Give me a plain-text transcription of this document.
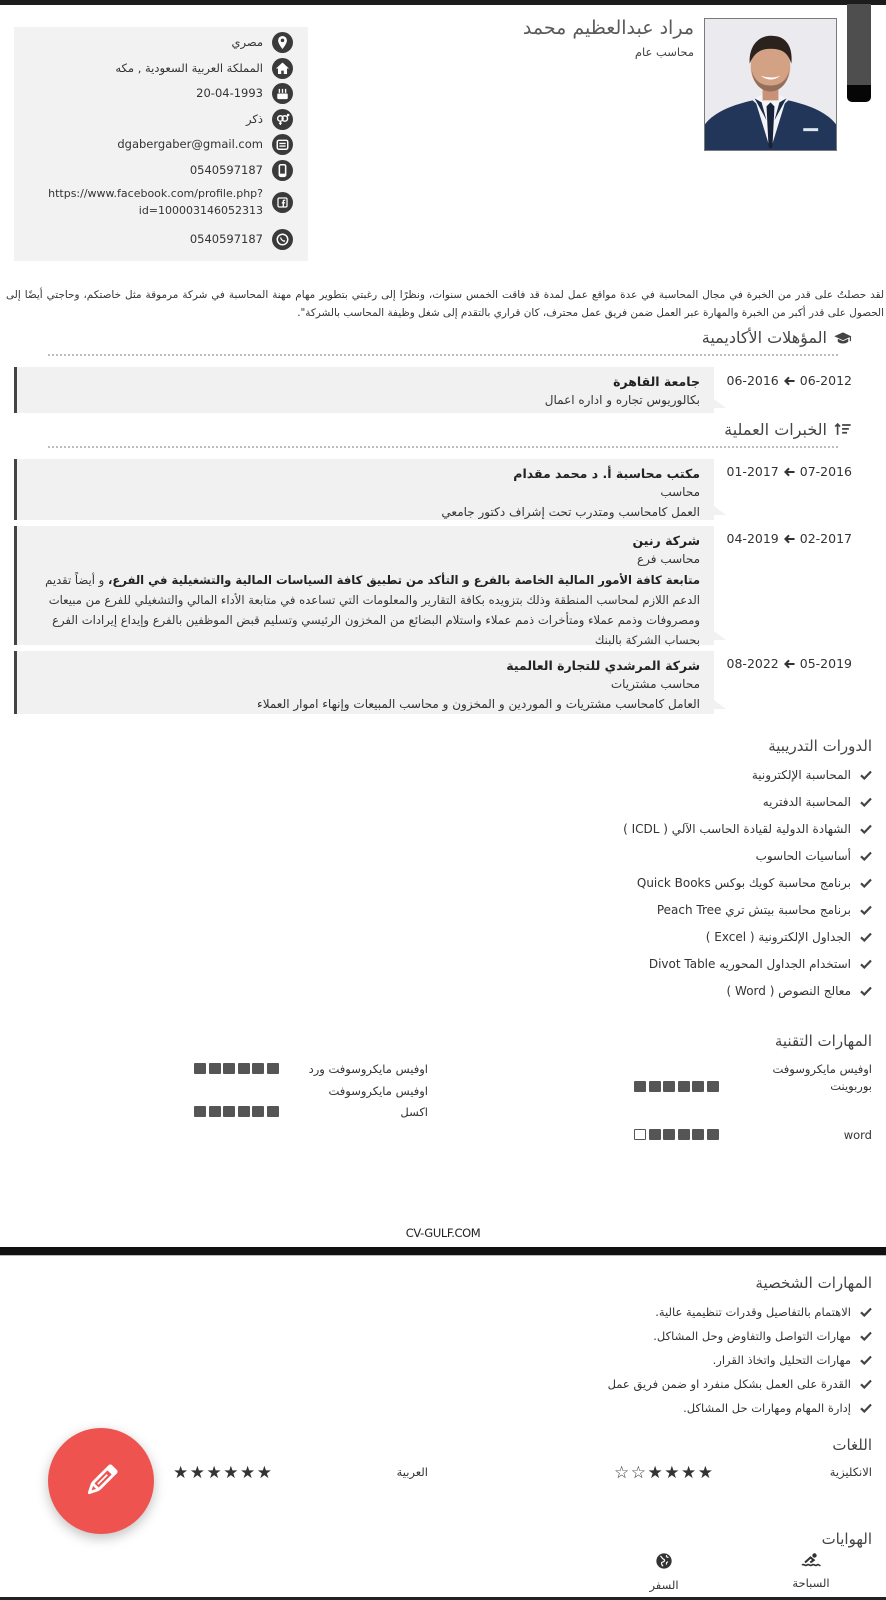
مراد عبدالعظيم محمد
محاسب عام
مصري
المملكة العربية السعودية , مكه
20-04-1993
ذكر
dgabergaber@gmail.com
0540597187
https://www.facebook.com/profile.php?id=100003146052313
0540597187

لقد حصلتُ على قدر من الخبرة في مجال المحاسبة في عدة مواقع عمل لمدة قد فاقت الخمس سنوات، ونظرًا إلى رغبتي بتطوير مهام مهنة المحاسبة في شركة مرموقة مثل خاصتكم، وحاجتي أيضًا إلى الحصول على قدر أكبر من الخبرة والمهارة عبر العمل ضمن فريق عمل محترف، كان قراري بالتقدم إلى شغل وظيفة المحاسب بالشركة".

المؤهلات الأكاديمية
06-2012
06-2016
جامعة القاهرة
بكالوريوس تجاره و اداره اعمال
الخبرات العملية
07-2016
01-2017
مكتب محاسبة أ. د محمد مقدام
محاسب
العمل كامحاسب ومتدرب تحت إشراف دكتور جامعي
02-2017
04-2019
شركة رنين
محاسب فرع
متابعة كافة الأمور المالية الخاصة بالفرع و التأكد من تطبيق كافة السياسات المالية والتشغيلية في الفرع، و أيضاً تقديم الدعم اللازم لمحاسب المنطقة وذلك بتزويده بكافة التقارير والمعلومات التي تساعده في متابعة الأداء المالي والتشغيلي للفرع من مبيعات ومصروفات وذمم عملاء ومتأخرات ذمم عملاء واستلام البضائع من المخزون الرئيسي وتسليم قبض الموظفين بالفرع وإيداع إيرادات الفرع بحساب الشركة بالبنك
05-2019
08-2022
شركة المرشدي للتجارة العالمية
محاسب مشتريات
العامل كامحاسب مشتريات و الموردين و المخزون و محاسب المبيعات وإنهاء اموار العملاء
الدورات التدريبية
المحاسبة الإلكترونية
المحاسبة الدفتريه
الشهادة الدولية لقيادة الحاسب الآلي ( ICDL )
أساسيات الحاسوب
برنامج محاسبة كويك بوكس Quick Books
برنامج محاسبة بيتش تري Peach Tree
الجداول الإلكترونية ( Excel )
استخدام الجداول المحوريه Divot Table
معالج النصوص ( Word )
المهارات التقنية
اوفيس مايكروسوفت بوربوينت
اوفيس مايكروسوفت ورد
اوفيس مايكروسوفت اكسل
word
CV-GULF.COM
المهارات الشخصية
الاهتمام بالتفاصيل وقدرات تنظيمية عالية.
مهارات التواصل والتفاوض وحل المشاكل.
مهارات التحليل واتخاذ القرار.
القدرة على العمل بشكل منفرد او ضمن فريق عمل
إدارة المهام ومهارات حل المشاكل.
اللغات
الانكليزية
★★★★☆☆
العربية
★★★★★★
الهوايات
السباحة
السفر
